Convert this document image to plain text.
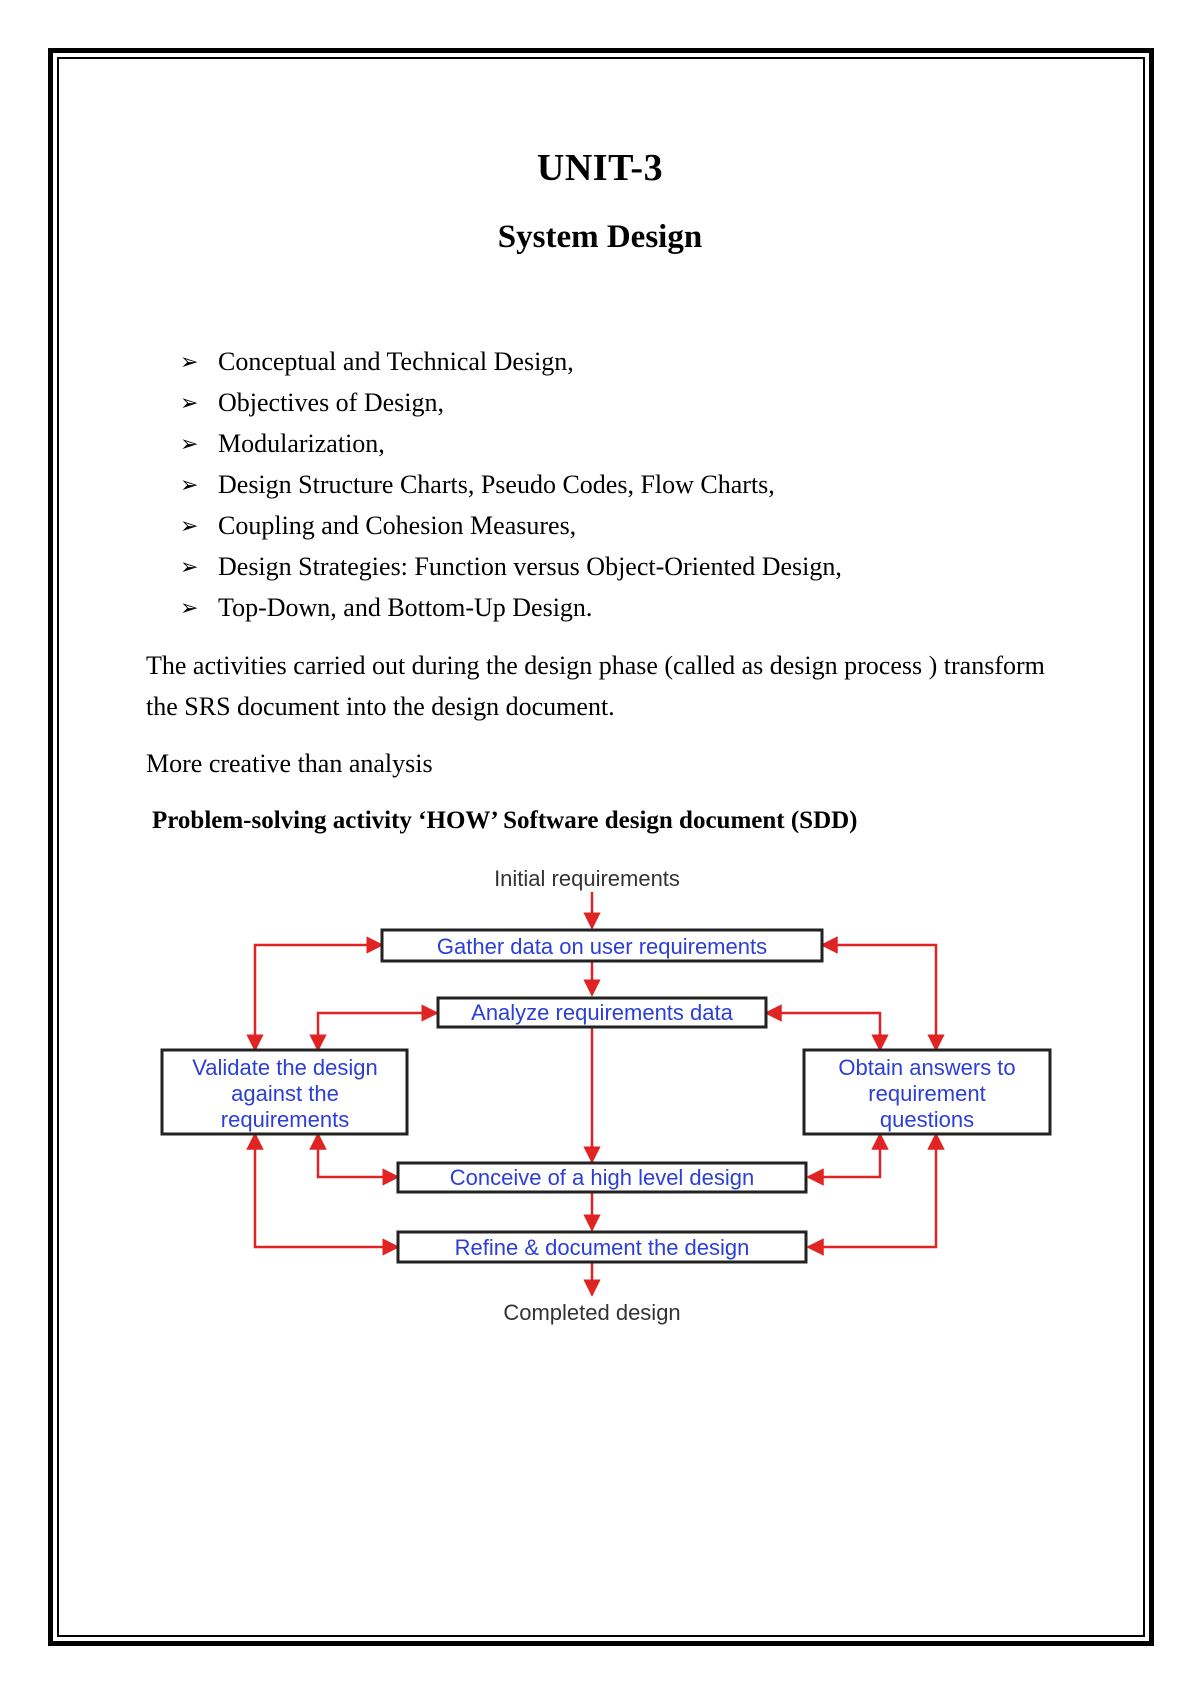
UNIT-3
System Design
➢ Conceptual and Technical Design,
➢ Objectives of Design,
➢ Modularization,
➢ Design Structure Charts, Pseudo Codes, Flow Charts,
➢ Coupling and Cohesion Measures,
➢ Design Strategies: Function versus Object-Oriented Design,
➢ Top-Down, and Bottom-Up Design.

The activities carried out during the design phase (called as design process ) transform the SRS document into the design document.

More creative than analysis

Problem-solving activity ‘HOW’ Software design document (SDD)

Initial requirements
Completed design
Gather data on user requirements
Analyze requirements data
Validate the design
against the
requirements
Obtain answers to
requirement
questions
Conceive of a high level design
Refine & document the design
